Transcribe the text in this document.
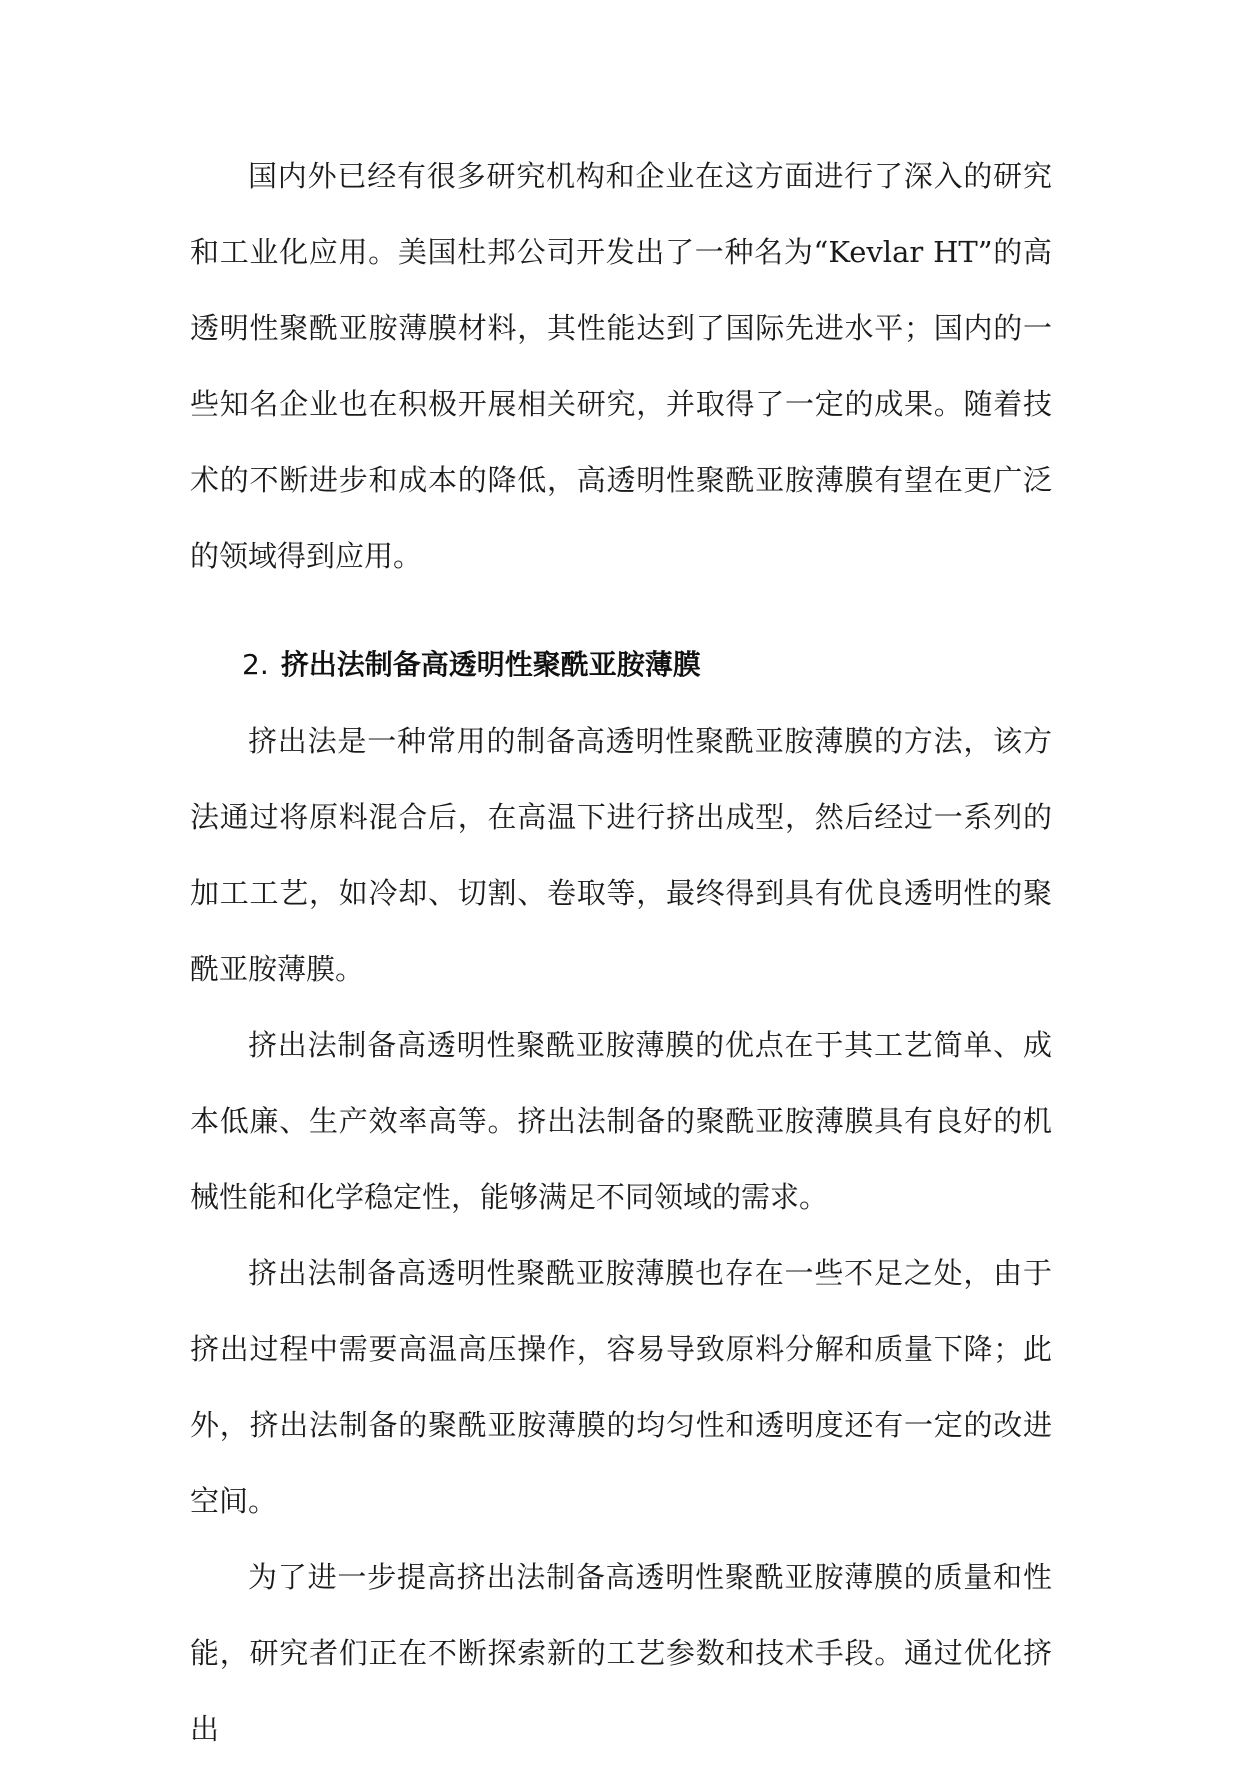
国内外已经有很多研究机构和企业在这方面进行了深入的研究和工业化应用。美国杜邦公司开发出了一种名为“Kevlar HT”的高透明性聚酰亚胺薄膜材料，其性能达到了国际先进水平；国内的一些知名企业也在积极开展相关研究，并取得了一定的成果。随着技术的不断进步和成本的降低，高透明性聚酰亚胺薄膜有望在更广泛的领域得到应用。

2. 挤出法制备高透明性聚酰亚胺薄膜

挤出法是一种常用的制备高透明性聚酰亚胺薄膜的方法，该方法通过将原料混合后，在高温下进行挤出成型，然后经过一系列的加工工艺，如冷却、切割、卷取等，最终得到具有优良透明性的聚酰亚胺薄膜。

挤出法制备高透明性聚酰亚胺薄膜的优点在于其工艺简单、成本低廉、生产效率高等。挤出法制备的聚酰亚胺薄膜具有良好的机械性能和化学稳定性，能够满足不同领域的需求。

挤出法制备高透明性聚酰亚胺薄膜也存在一些不足之处，由于挤出过程中需要高温高压操作，容易导致原料分解和质量下降；此外，挤出法制备的聚酰亚胺薄膜的均匀性和透明度还有一定的改进空间。

为了进一步提高挤出法制备高透明性聚酰亚胺薄膜的质量和性能，研究者们正在不断探索新的工艺参数和技术手段。通过优化挤出
